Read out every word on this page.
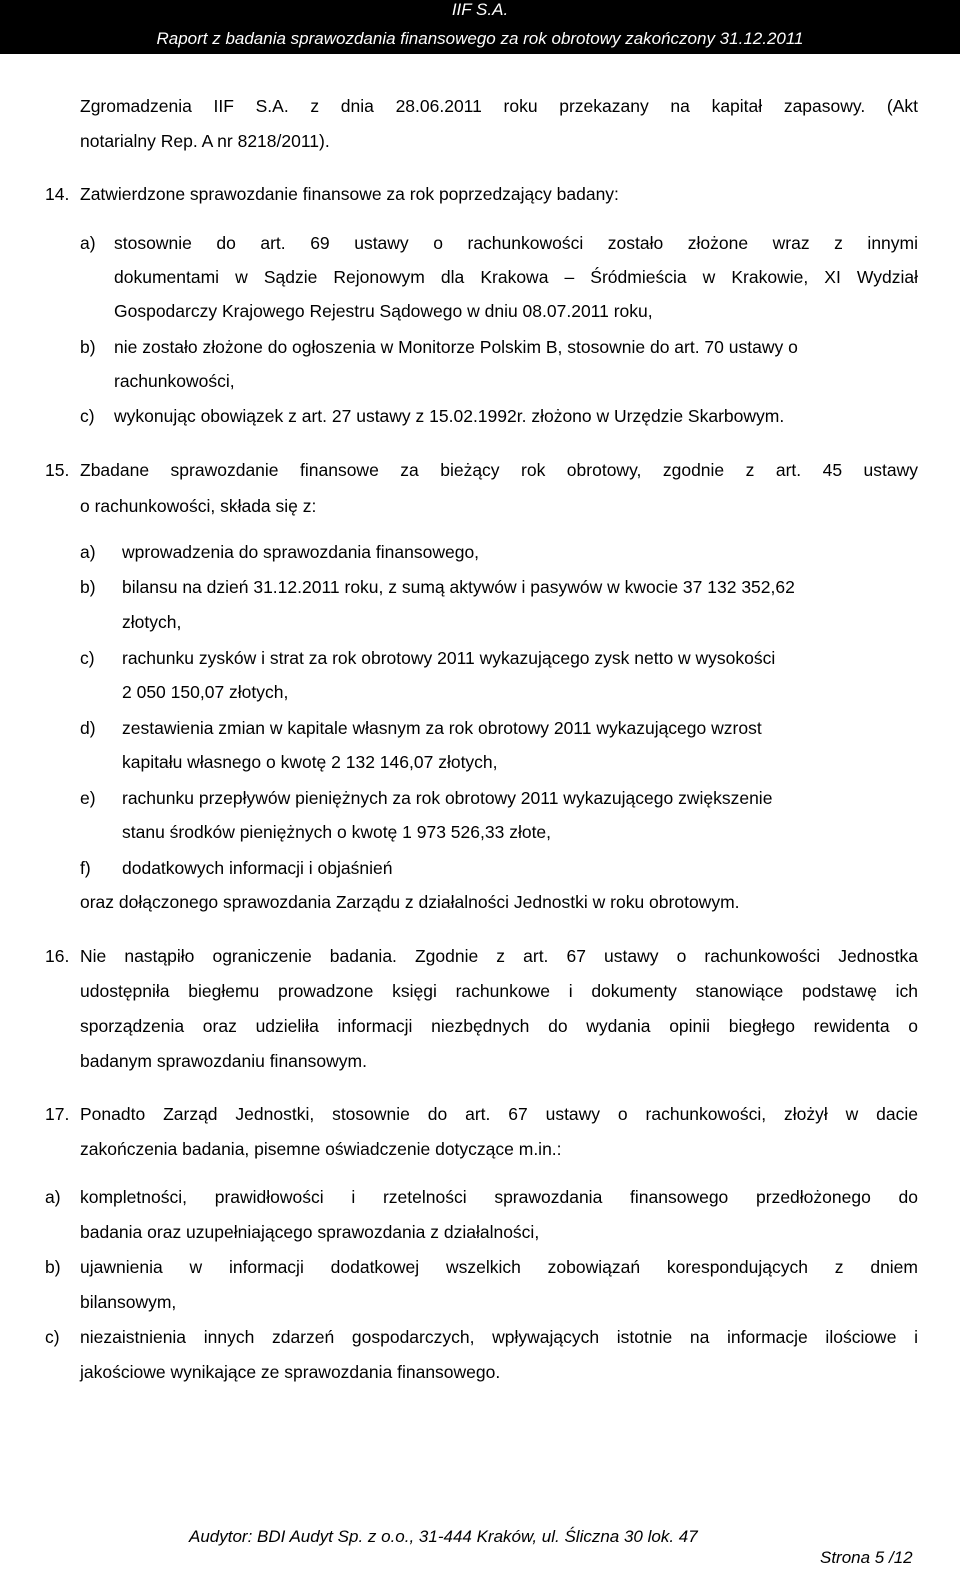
IIF S.A.
Raport z badania sprawozdania finansowego za rok obrotowy zakończony 31.12.2011
Zgromadzenia IIF S.A. z dnia 28.06.2011 roku przekazany na kapitał zapasowy. (Akt
notarialny Rep. A nr 8218/2011).
14. Zatwierdzone sprawozdanie finansowe za rok poprzedzający badany:
a) stosownie do art. 69 ustawy o rachunkowości zostało złożone wraz z innymi
dokumentami w Sądzie Rejonowym dla Krakowa – Śródmieścia w Krakowie, XI Wydział
Gospodarczy Krajowego Rejestru Sądowego w dniu 08.07.2011 roku,
b) nie zostało złożone do ogłoszenia w Monitorze Polskim B, stosownie do art. 70 ustawy o
rachunkowości,
c) wykonując obowiązek z art. 27 ustawy z 15.02.1992r. złożono w Urzędzie Skarbowym.
15. Zbadane sprawozdanie finansowe za bieżący rok obrotowy, zgodnie z art. 45 ustawy
o rachunkowości, składa się z:
a) wprowadzenia do sprawozdania finansowego,
b) bilansu na dzień 31.12.2011 roku, z sumą aktywów i pasywów w kwocie 37 132 352,62
złotych,
c) rachunku zysków i strat za rok obrotowy 2011 wykazującego zysk netto w wysokości
2 050 150,07 złotych,
d) zestawienia zmian w kapitale własnym za rok obrotowy 2011 wykazującego wzrost
kapitału własnego o kwotę 2 132 146,07 złotych,
e) rachunku przepływów pieniężnych za rok obrotowy 2011 wykazującego zwiększenie
stanu środków pieniężnych o kwotę 1 973 526,33 złote,
f) dodatkowych informacji i objaśnień
oraz dołączonego sprawozdania Zarządu z działalności Jednostki w roku obrotowym.
16. Nie nastąpiło ograniczenie badania. Zgodnie z art. 67 ustawy o rachunkowości Jednostka
udostępniła biegłemu prowadzone księgi rachunkowe i dokumenty stanowiące podstawę ich
sporządzenia oraz udzieliła informacji niezbędnych do wydania opinii biegłego rewidenta o
badanym sprawozdaniu finansowym.
17. Ponadto Zarząd Jednostki, stosownie do art. 67 ustawy o rachunkowości, złożył w dacie
zakończenia badania, pisemne oświadczenie dotyczące m.in.:
a) kompletności, prawidłowości i rzetelności sprawozdania finansowego przedłożonego do
badania oraz uzupełniającego sprawozdania z działalności,
b) ujawnienia w informacji dodatkowej wszelkich zobowiązań korespondujących z dniem
bilansowym,
c) niezaistnienia innych zdarzeń gospodarczych, wpływających istotnie na informacje ilościowe i
jakościowe wynikające ze sprawozdania finansowego.
Audytor: BDI Audyt Sp. z o.o., 31-444 Kraków, ul. Śliczna 30 lok. 47
Strona 5 /12
